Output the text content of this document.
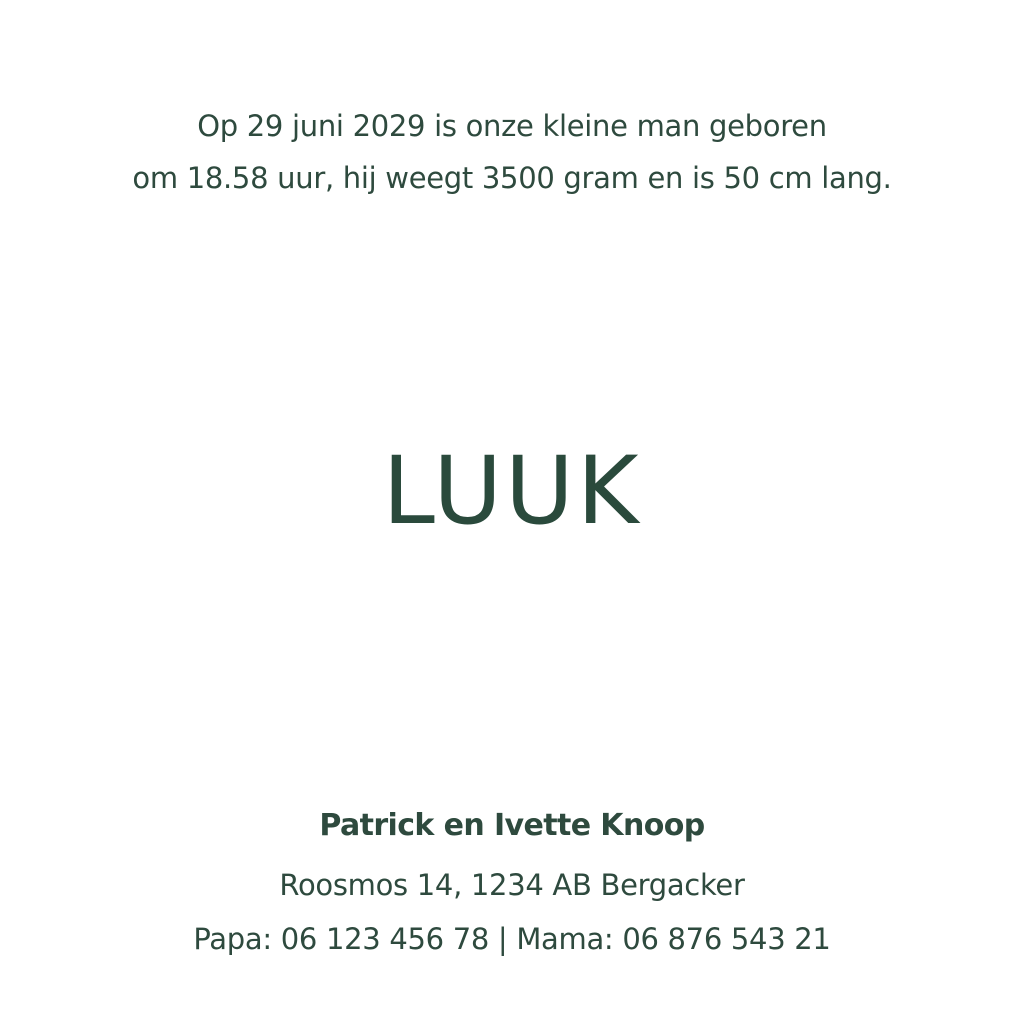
Op 29 juni 2029 is onze kleine man geboren
om 18.58 uur, hij weegt 3500 gram en is 50 cm lang.
LUUK
Patrick en Ivette Knoop
Roosmos 14, 1234 AB Bergacker
Papa: 06 123 456 78 | Mama: 06 876 543 21
